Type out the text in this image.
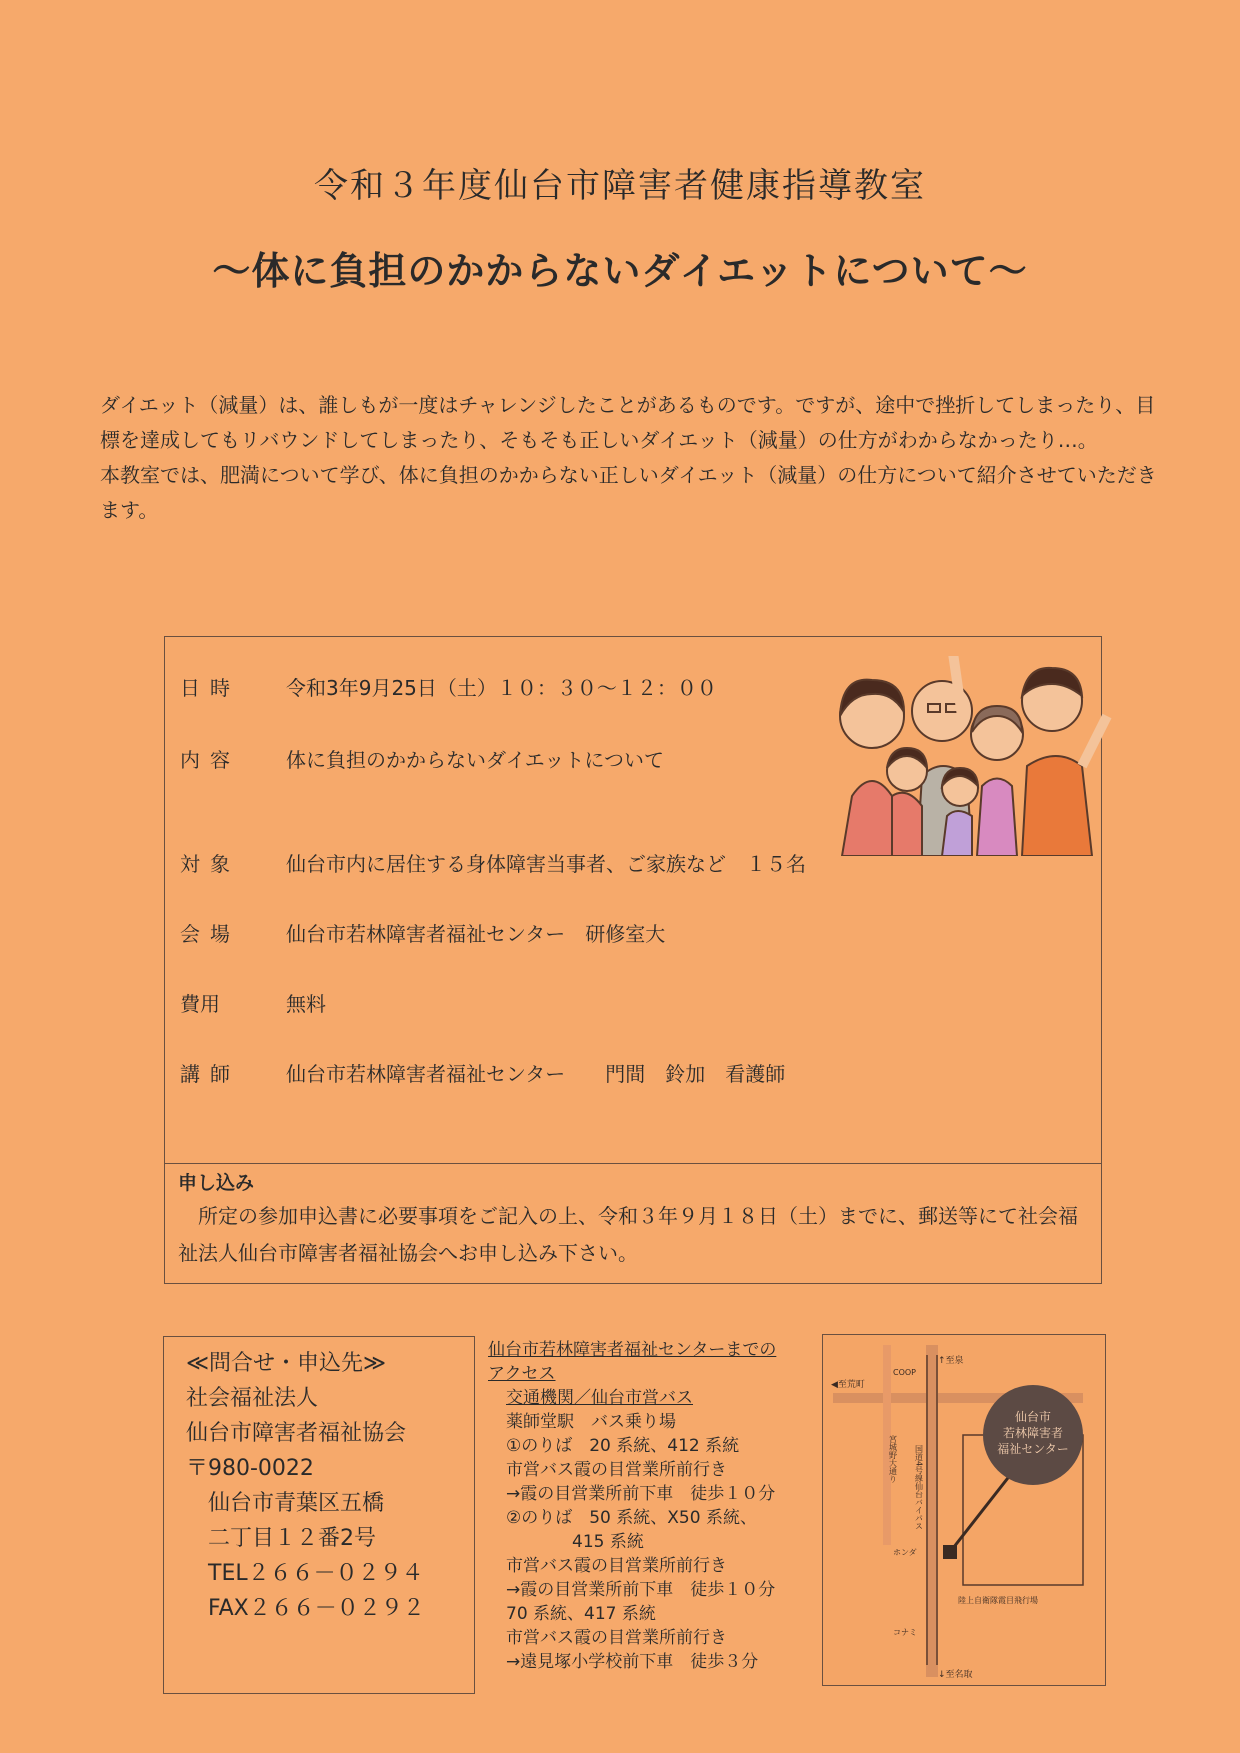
令和３年度仙台市障害者健康指導教室
～体に負担のかからないダイエットについて～

ダイエット（減量）は、誰しもが一度はチャレンジしたことがあるものです。ですが、途中で挫折してしまったり、目標を達成してもリバウンドしてしまったり、そもそも正しいダイエット（減量）の仕方がわからなかったり…。

本教室では、肥満について学び、体に負担のかからない正しいダイエット（減量）の仕方について紹介させていただきます。

日時	令和3年9月25日（土）１０：３０～１２：００
内容	体に負担のかからないダイエットについて
対象	仙台市内に居住する身体障害当事者、ご家族など　１５名
会場	仙台市若林障害者福祉センター　研修室大
費用	無料
講師	仙台市若林障害者福祉センター　　門間　鈴加　看護師
申し込み
所定の参加申込書に必要事項をご記入の上、令和３年９月１８日（土）までに、郵送等にて社会福祉法人仙台市障害者福祉協会へお申し込み下さい。
≪問合せ・申込先≫
社会福祉法人
仙台市障害者福祉協会
〒980-0022
仙台市青葉区五橋
二丁目１２番2号
TEL２６６－０２９４
FAX２６６－０２９２
仙台市若林障害者福祉センターまでの
アクセス
交通機関／仙台市営バス
薬師堂駅　バス乗り場
①のりば　20 系統、412 系統
市営バス霞の目営業所前行き
→霞の目営業所前下車　徒歩１０分
②のりば　50 系統、X50 系統、
415 系統
市営バス霞の目営業所前行き
→霞の目営業所前下車　徒歩１０分
70 系統、417 系統
市営バス霞の目営業所前行き
→遠見塚小学校前下車　徒歩３分
仙台市
若林障害者
福祉センター
↑至泉
↓至名取
◀至荒町
COOP
陸上自衛隊霞目飛行場
ホンダ
コナミ
国道4号線仙台バイパス
宮城野大通り
